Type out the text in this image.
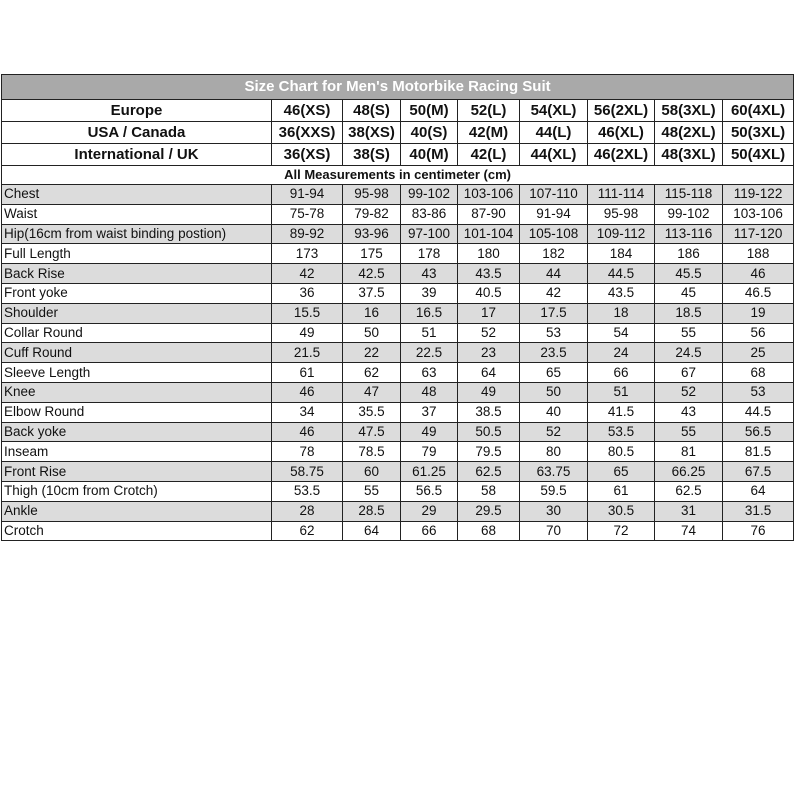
Size Chart for Men's Motorbike Racing Suit								
Europe	46(XS)	48(S)	50(M)	52(L)	54(XL)	56(2XL)	58(3XL)	60(4XL)
USA / Canada	36(XXS)	38(XS)	40(S)	42(M)	44(L)	46(XL)	48(2XL)	50(3XL)
International / UK	36(XS)	38(S)	40(M)	42(L)	44(XL)	46(2XL)	48(3XL)	50(4XL)
All Measurements in centimeter (cm)								
Chest	91-94	95-98	99-102	103-106	107-110	111-114	115-118	119-122
Waist	75-78	79-82	83-86	87-90	91-94	95-98	99-102	103-106
Hip(16cm from waist binding postion)	89-92	93-96	97-100	101-104	105-108	109-112	113-116	117-120
Full Length	173	175	178	180	182	184	186	188
Back Rise	42	42.5	43	43.5	44	44.5	45.5	46
Front yoke	36	37.5	39	40.5	42	43.5	45	46.5
Shoulder	15.5	16	16.5	17	17.5	18	18.5	19
Collar Round	49	50	51	52	53	54	55	56
Cuff Round	21.5	22	22.5	23	23.5	24	24.5	25
Sleeve Length	61	62	63	64	65	66	67	68
Knee	46	47	48	49	50	51	52	53
Elbow Round	34	35.5	37	38.5	40	41.5	43	44.5
Back yoke	46	47.5	49	50.5	52	53.5	55	56.5
Inseam	78	78.5	79	79.5	80	80.5	81	81.5
Front Rise	58.75	60	61.25	62.5	63.75	65	66.25	67.5
Thigh (10cm from Crotch)	53.5	55	56.5	58	59.5	61	62.5	64
Ankle	28	28.5	29	29.5	30	30.5	31	31.5
Crotch	62	64	66	68	70	72	74	76
